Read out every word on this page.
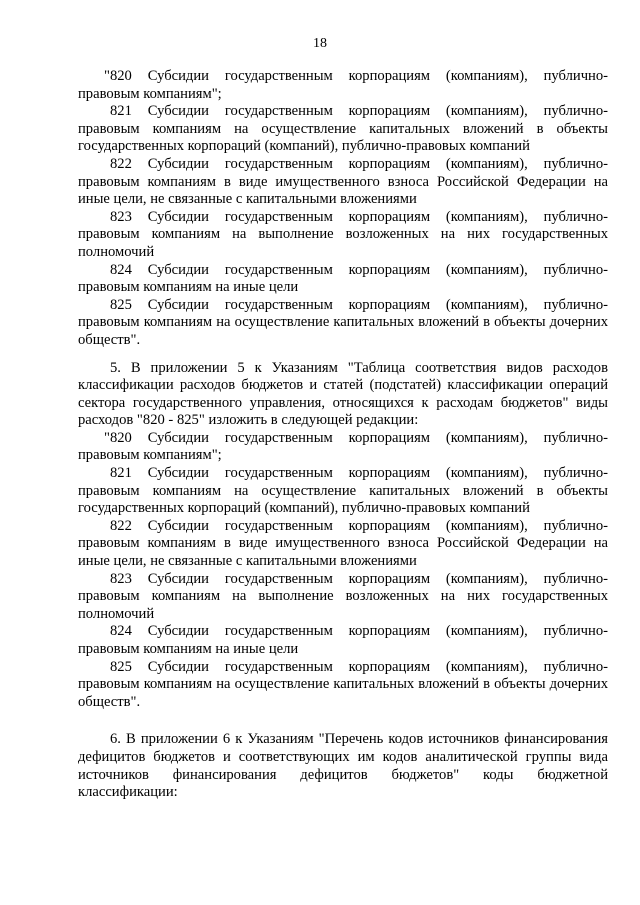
18

"820 Субсидии государственным корпорациям (компаниям), публично-правовым компаниям";

821 Субсидии государственным корпорациям (компаниям), публично-правовым компаниям на осуществление капитальных вложений в объекты государственных корпораций (компаний), публично-правовых компаний

822 Субсидии государственным корпорациям (компаниям), публично-правовым компаниям в виде имущественного взноса Российской Федерации на иные цели, не связанные с капитальными вложениями

823 Субсидии государственным корпорациям (компаниям), публично-правовым компаниям на выполнение возложенных на них государственных полномочий

824 Субсидии государственным корпорациям (компаниям), публично-правовым компаниям на иные цели

825 Субсидии государственным корпорациям (компаниям), публично-правовым компаниям на осуществление капитальных вложений в объекты дочерних обществ".

5. В приложении 5 к Указаниям "Таблица соответствия видов расходов классификации расходов бюджетов и статей (подстатей) классификации операций сектора государственного управления, относящихся к расходам бюджетов" виды расходов "820 - 825" изложить в следующей редакции:

"820 Субсидии государственным корпорациям (компаниям), публично-правовым компаниям";

821 Субсидии государственным корпорациям (компаниям), публично-правовым компаниям на осуществление капитальных вложений в объекты государственных корпораций (компаний), публично-правовых компаний

822 Субсидии государственным корпорациям (компаниям), публично-правовым компаниям в виде имущественного взноса Российской Федерации на иные цели, не связанные с капитальными вложениями

823 Субсидии государственным корпорациям (компаниям), публично-правовым компаниям на выполнение возложенных на них государственных полномочий

824 Субсидии государственным корпорациям (компаниям), публично-правовым компаниям на иные цели

825 Субсидии государственным корпорациям (компаниям), публично-правовым компаниям на осуществление капитальных вложений в объекты дочерних обществ".

6. В приложении 6 к Указаниям "Перечень кодов источников финансирования дефицитов бюджетов и соответствующих им кодов аналитической группы вида источников финансирования дефицитов бюджетов" коды бюджетной классификации:
